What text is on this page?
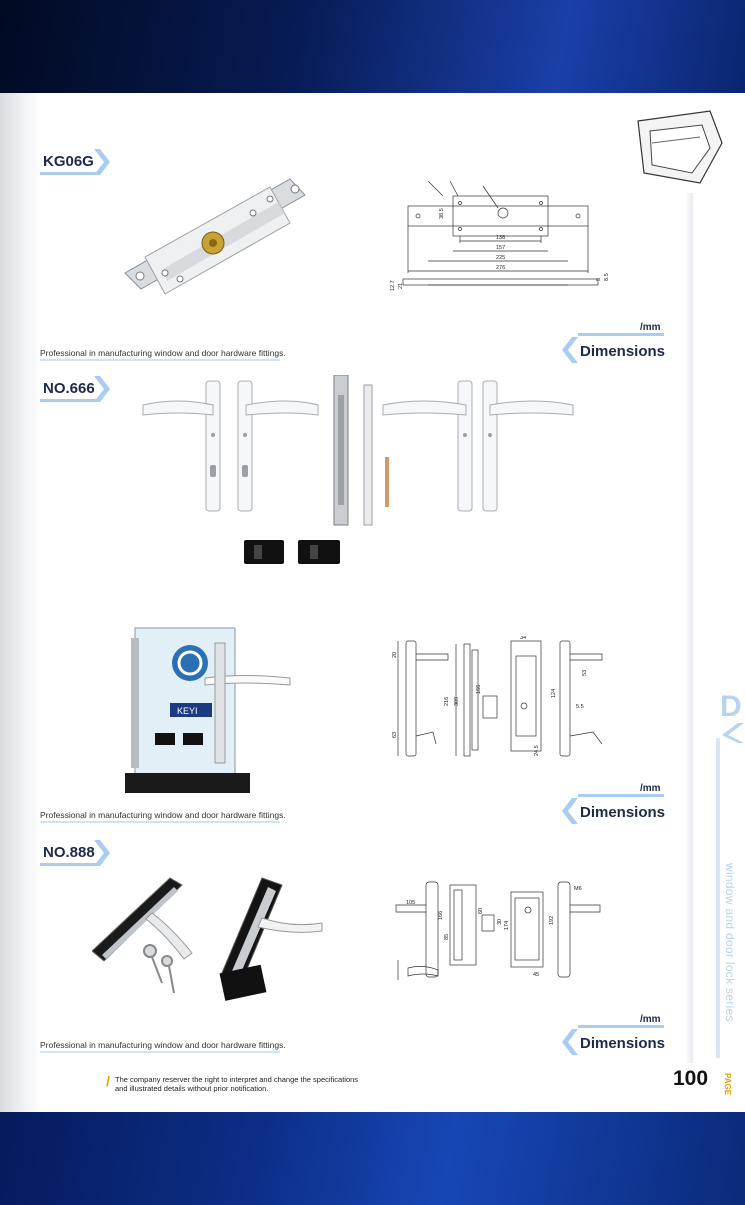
KG06G
138
157
225
276
38.5
5 8.5
21
12.7
Professional in manufacturing window and door hardware fittings.
/mm
Dimensions
NO.666
KEYI
20
216 309
166
34
124
53
5.5
24.5
63
Professional in manufacturing window and door hardware fittings.
/mm
Dimensions
NO.888
105
166
85
60
30 174
45
192
M6
Professional in manufacturing window and door hardware fittings.
/mm
Dimensions
D
window and door lock series
/ The company reserver the right to interpret and change the specifications
and illustrated details without prior notification.	100 PAGE
